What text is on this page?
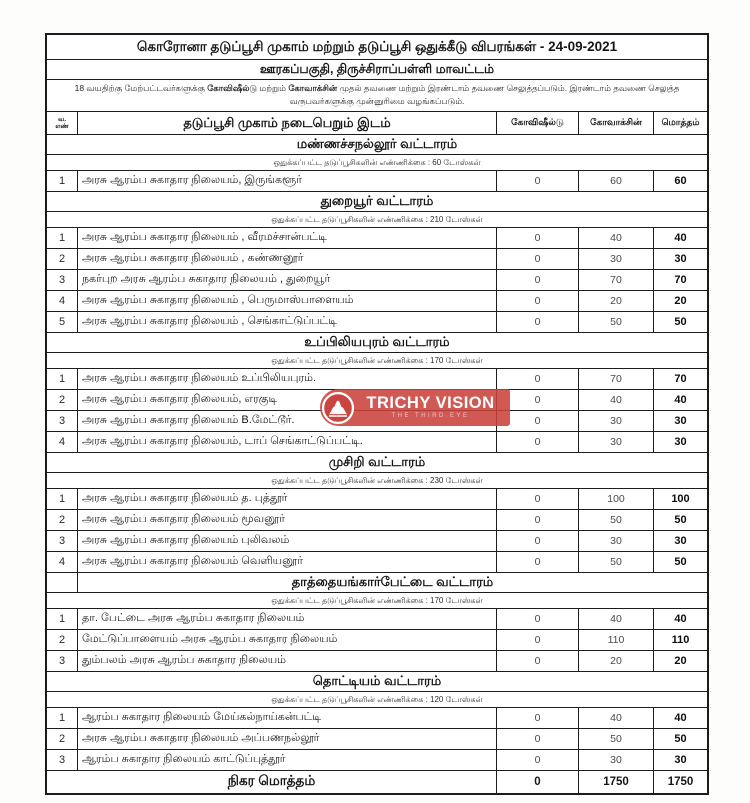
கொரோனா தடுப்பூசி முகாம் மற்றும் தடுப்பூசி ஒதுக்கீடு விபரங்கள் - 24-09-2021
ஊரகப்பகுதி, திருச்சிராப்பள்ளி மாவட்டம்
18 வயதிற்கு மேற்பட்டவர்களுக்கு கோவிஷீல்டு மற்றும் கோவாக்சின் முதல் தவணை மற்றும் இரண்டாம் தவணை செலுத்தப்படும். இரண்டாம் தவணை செலுத்த வருபவர்களுக்கு முன்னுரிமை வழங்கப்படும்.
வ.
எண்	தடுப்பூசி முகாம் நடைபெறும் இடம்	கோவிஷீல்டு	கோவாக்சின்	மொத்தம்
மண்ணச்சநல்லூர் வட்டாரம்
ஒதுக்கப்பட்ட தடுப்பூசிகளின் எண்ணிக்கை : 60 டோஸ்கள்
1	அரசு ஆரம்ப சுகாதார நிலையம், இருங்களூர்	0	60	60
துறையூர் வட்டாரம்
ஒதுக்கப்பட்ட தடுப்பூசிகளின் எண்ணிக்கை : 210 டோஸ்கள்
1	அரசு ஆரம்ப சுகாதார நிலையம் , வீரமச்சான்பட்டி	0	40	40
2	அரசு ஆரம்ப சுகாதார நிலையம் , கண்ணனூர்	0	30	30
3	நகர்புற அரசு ஆரம்ப சுகாதார நிலையம் , துறையூர்	0	70	70
4	அரசு ஆரம்ப சுகாதார நிலையம் , பெருமாஸ்பாளையம்	0	20	20
5	அரசு ஆரம்ப சுகாதார நிலையம் , செங்காட்டுப்பட்டி	0	50	50
உப்பிலியபுரம் வட்டாரம்
ஒதுக்கப்பட்ட தடுப்பூசிகளின் எண்ணிக்கை : 170 டோஸ்கள்
1	அரசு ஆரம்ப சுகாதார நிலையம் உப்பிலியபுரம்.	0	70	70
2	அரசு ஆரம்ப சுகாதார நிலையம், எரகுடி	0	40	40
3	அரசு ஆரம்ப சுகாதார நிலையம் B.மேட்டூர்.	0	30	30
4	அரசு ஆரம்ப சுகாதார நிலையம், டாப் செங்காட்டுப்பட்டி.	0	30	30
முசிறி வட்டாரம்
ஒதுக்கப்பட்ட தடுப்பூசிகளின் எண்ணிக்கை : 230 டோஸ்கள்
1	அரசு ஆரம்ப சுகாதார நிலையம் த. புத்தூர்	0	100	100
2	அரசு ஆரம்ப சுகாதார நிலையம் மூவனூர்	0	50	50
3	அரசு ஆரம்ப சுகாதார நிலையம் புலிவலம்	0	30	30
4	அரசு ஆரம்ப சுகாதார நிலையம் வெளியனூர்	0	50	50
தாத்தையங்கார்பேட்டை வட்டாரம்
ஒதுக்கப்பட்ட தடுப்பூசிகளின் எண்ணிக்கை : 170 டோஸ்கள்
1	தா. பேட்டை அரசு ஆரம்ப சுகாதார நிலையம்	0	40	40
2	மேட்டுப்பாளையம் அரசு ஆரம்ப சுகாதார நிலையம்	0	110	110
3	தும்பலம் அரசு ஆரம்ப சுகாதார நிலையம்	0	20	20
தொட்டியம் வட்டாரம்
ஒதுக்கப்பட்ட தடுப்பூசிகளின் எண்ணிக்கை : 120 டோஸ்கள்
1	ஆரம்ப சுகாதார நிலையம் மேய்கல்நாய்கன்பட்டி	0	40	40
2	அரசு ஆரம்ப சுகாதார நிலையம் அப்பணநல்லூர்	0	50	50
3	ஆரம்ப சுகாதார நிலையம் காட்டுப்புத்தூர்	0	30	30
நிகர மொத்தம்	0	1750	1750
TRICHY VISION
THE THIRD EYE
